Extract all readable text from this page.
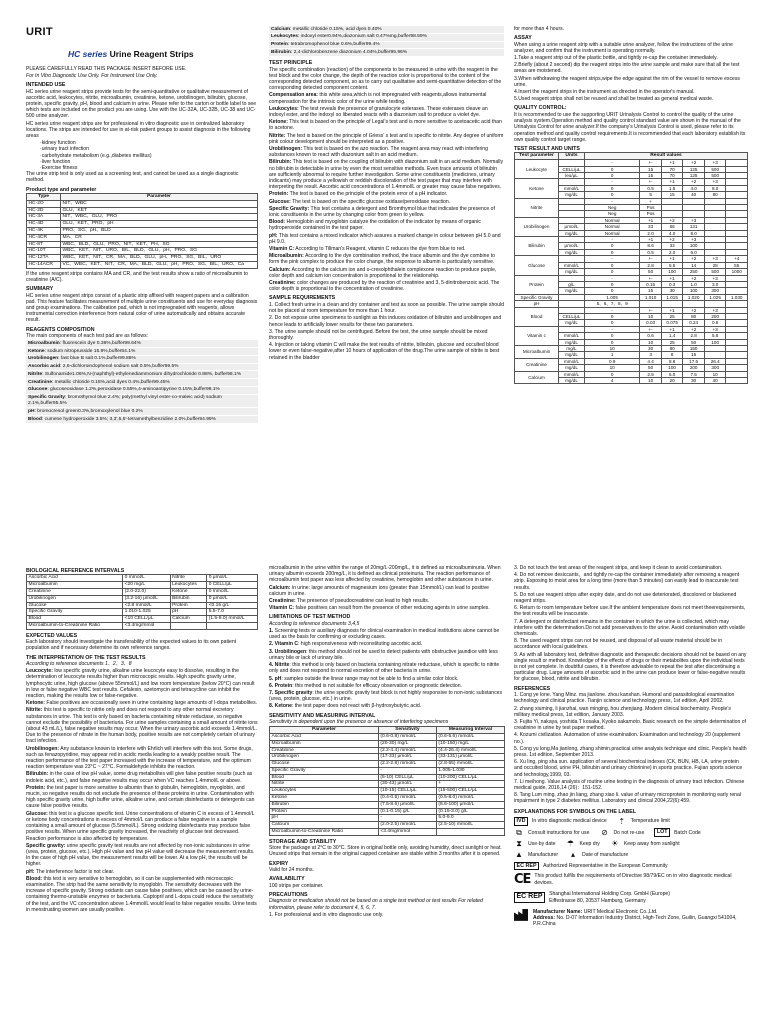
URIT
HC series Urine Reagent Strips

PLEASE CAREFULLY READ THIS PACKAGE INSERT BEFORE USE.

For In Vitro Diagnostic Use Only. For Instrument Use Only.

INTENDED USE

HC series urine reagent strips provide tests for the semi-quantitative or qualitative measurement of ascorbic acid, leukocytes, nitrite, microalbumin, creatinine, ketone, urobilinogen, bilirubin, glucose, protein, specific gravity, pH, blood and calcium in urine. Please refer to the carton or bottle label to see which tests are included on the product you are using. Use with the UC-32A, UC-32B, UC-38 and UC-500 urine analyzer.

HC series urine reagent strips are for professional in vitro diagnostic use in centralized laboratory locations. The strips are intended for use in at-risk patient groups to assist diagnosis in the following areas

·kidney function
·urinary tract infection
·carbohydrate metabolism (e.g.,diabetes mellitus)
·liver function
·Exercise fitness

The urine strip test is only used as a screening test, and cannot be used as a single diagnostic method.

Product type and parameter
Type	Parameter
HC-2O	NIT、WBC
HC-2D	GLU、KET
HC-3A	NIT、WBC、GLU、PRO
HC-4D	GLU、KET、PRO、pH
HC-4K	PRO、SG、pH、BLD
HC-4CR	MA、CR
HC-8T	WBC、BLD、GLU、PRO、NIT、KET、PH、SG
HC-10T	WBC、KET、NIT、URO、BIL、BLD、GLU、pH、PRO、SG
HC-12TA	WBC、KET、NIT、CR、MA、BLD、GLU、pH、PRO、SG、BIL、URO
HC-14ACR	VC、WBC、KET、NIT、CR、MA、BLD、GLU、pH、PRO、SG、BIL、URO、Ca

If the urine reagent strips contains MA and CR, and the test results show a ratio of microalbumin to creatinine (A/C).

SUMMARY

HC series urine reagent strips consist of a plastic strip affixed with reagent papers and a calibration pad. This feature facilitates measurement of multiple urine constituents and use for everyday diagnosis and group examinations. The calibration pad, which is not impregnated with reagents, allows instrumental correction interference from natural color of urine automatically and obtains accurate result.

REAGENTS COMPOSITION

The main components of each test pad are as follows:

Microalbumin: fluorescein dye 0.36%,buffer99.64%
Ketone: sodium nitroprusside 15.9%,buffer54.1%
Urobilinogen: fast blue B salt 0.1%,buffer99.88%
Ascorbic acid: 2,6-dichloroindophenol sodium salt 0.5%,buffer99.5%
Nitrite: Sulfonamide1.06%,N-(naphthyl)-ethylenediammonium dihydrochloride 0.88%, buffer98.1%
Creatinine: metallic chloride 0.15%,acid dyes 0.4%,buffer99.45%
Glucose: glucoseoxidase 1.2%,peroxidase 0.55%,4-aminoantipyrine 0.15%,buffer98.1%
Specific Gravity: bromothymol blue 2.4%; poly(methyl vinyl ester-co-maleic acid) sodium 2.1%,buffer95.5%
pH: bromocresol green0.3%,bromoxylenol blue 0.2%
Blood: cumene hydroperoxide 3.5%; 3,3',5,5'-tetramethylbenzidine 2.0%,buffer94.99%
Calcium: metallic chloride 0.15%, acid dyes 0.40%
Leukocytes: indoxyl ester0.94%,diazonium salt 0.47%mg,buffer98.59%
Protein: tetrabromophenol blue 0.6%,buffer99.4%
Bilirubin: 2,4-dichlorobenzene diazonium 4.04%,buffer95.96%
TEST PRINCIPLE

The specific combination (reaction) of the components to be measured in urine with the reagent in the test block and the color change, the depth of the reaction color is proportional to the content of the corresponding detected component, so as to carry out qualitative and semi-quantitative detection of the corresponding detected component content.

Compensation area: this white area,which is not impregnated with reagents,allows instrumental compensation for the intrinsic color of the urine while testing.

Leukocytes: The test reveals the presence of granulocyte esterases. These esterases cleave an indoxyl ester, and the indoxyl so liberated reacts with a diazonium salt to produce a violet dye.

Ketone: This test is based on the principle of Legal’s test and is more sensitive to acetoacetic acid than to acetone.

Nitrite: The test is based on the principle of Griess’ s test and is specific to nitrite. Any degree of uniform pink colour development should be interpreted as a positive.

Urobilinogen: This test is based on the azo reaction. The reagent area may react with interfering substances known to react with diazonium salt in an acid medium.

Bilirubin: This test is based on the coupling of bilirubin with diazonium salt in an acid medium. Normally no bilirubin is detectable in urine by even the most sensitive methods. Even trace amounts of bilirubin are sufficiently abnormal to require further investigation. Some urine constituents (medicines, urinary indicants) may produce a yellowish or reddish discoloration of the test paper that may interfere with interpreting the result. Ascorbic acid concentrations of 1.4mmol/L or greater may cause false negatives.

Protein: The test is based on the principle of the protein error of a pH indicator.

Glucose: The test is based on the specific glucose oxidase/peroxidase reaction.

Specific Gravity: This test contains a detergent and Bromthymol blue that indicates the presence of ionic constituents in the urine by changing color from green to yellow.

Blood: Hemoglobin and myoglobin catalyze the oxidation of the indicator by means of organic hydroperoxide contained in the test paper.

pH: This test contains a mixed indicator which assures a marked change in colour between pH 5.0 and pH 9.0.

Vitamin C: According to Tillman's Reagent, vitamin C reduces the dye from blue to red.

Microalbumin: According to the dye combination method, the trace albumin and the dye combine to form the pink complex to produce the color change, the response to albumin is particularly sensitive.

Calcium: According to the calcium ion and o-cresolphthalein complexone reaction to produce purple, color depth and calcium ion concentration is proportional to the relationship.

Creatinine: color changes are produced by the reaction of creatinine and 3, 5-dinitrobenzoic acid. The color depth is proportional to the concentration of creatinine.

SAMPLE REQUIREMENTS

1. Collect fresh urine in a clean and dry container and test as soon as possible. The urine sample should not be placed at room temperature for more than 1 hour.

2. Do not expose urine specimens to sunlight as this induces oxidation of bilirubin and urobilinogen and hence leads to artificially lower results for these two parameters.

3. The urine sample should not be centrifuged. Before the test, the urine sample should be mixed thoroughly.

4. Injection or taking vitamin C will make the test results of nitrite, bilirubin, glucose and occulted blood lower or even false-negative,after 10 hours of application of the drug.The urine sample of nitrite is best retained in the bladder

for more than 4 hours.

ASSAY

When using a urine reagent strip with a suitable urine analyzer, follow the instructions of the urine analyzer, and confirm that the instrument is operating normally.

1.Take a reagent strip out of the plastic bottle, and tightly re-cap the container immediately.

2.Briefly (about 2 second) dip the reagent strips into the urine sample and make sure that all the test areas are moistened.

3.When withdrawing the reagent strips,wipe the edge against the rim of the vessel to remove excess urine.

4.Insert the reagent strips in the instrument as directed in the operator's manual.

5.Used reagent strips shall not be reused and shall be treated as general medical waste.

QUALITY CONTROL:

It is recommended to use the supporting URIT Urinalysis Control to control the quality of the urine analysis system.Operation method and quality control standard value are shown in the manual of the Urinalysis Control for urine analyzer.If the company's Urinalysis Control is used, please refer to its operation method and quality control requirements.It is recommended that each laboratory establish its own quality control target range.

TEST RESULT AND UNITS
Test parameter	Units	Result values					
Leukocyte		-	+-	+1	+2	+3	
	CELL/μL	0	15	70	125	500	
	leu/μL	0	15	70	125	500	
Ketone		-	+-	+1	+2	+3	
	mmol/L	0	0.5	1.5	4.0	8.0	
	mg/dL	0	5	15	40	80	
Nitrite		-	+				
		Neg	Pos				
		Neg	Pos				
Urobilinogen		Normal	+1	+2	+3		
	μmol/L	Normal	33	66	131		
	mg/dL	Normal	2.0	4.0	8.0		
Bilirubin		-	+1	+2	+3		
	μmol/L	0	8.6	33	100		
	mg/dL	0	0.5	2.0	6.0		
Glucose		-	+-	+1	+2	+3	+4
	mmol/L	0	2.8	5.5	14	28	55
	mg/dL	0	50	100	250	500	1000
Protein		-	+-	+1	+2	+3	
	g/L	0	0.15	0.3	1.0	3.0	
	mg/dL	0	15	30	100	300	
Specific Gravity		1.005	1.010	1.015	1.020	1.025	1.030
pH		5、6、7、8、9					
Blood		-	+-	+1	+2	+3	
	CELL/μL	0	10	25	80	200	
	mg/dL	0	0.03	0.075	0.24	0.6	
Vitamin c		-	+-	+1	+2	+3	
	mmol/L	0	0.6	1.4	2.8	5.6	
	mg/dL	0	10	25	50	100	
Microalbumin	mg/L	10	30	80	150		
	mg/dL	1	3	8	15		
Creatinine	mmol/L	0.9	4.4	8.8	17.6	26.4	
	mg/dL	10	50	100	200	300	
Calcium	mmol/L	0	2.5	5.0	7.5	10	
	mg/dL	4	10	20	30	40	
BIOLOGICAL REFERENCE INTERVALS
Ascorbic Acid	0 mmol/L	Nitrite	0 μmol/L
Microalbumin	<20 mg/L	Leukocytes	0 CELL/μL
Creatinine	(2.0-22.0)	Ketone	0 mmol/L
Urobilinogen	(3.2-16) μmol/L	Bilirubin	0 μmol/L
Glucose	<2.8 mmol/L	Protein	<0.15 g/L
Specific Gravity	1.010-1.025	pH	5.5-7.0
Blood	<10 CELL/μL	Calcium	(1.5-9.0) mmol/L
Microalbumin-to-Creatinine Ratio	<3.4mg/mmol		
EXPECTED VALUES

Each laboratory should investigate the transferability of the expected values to its own patient population and if necessary determine its own reference ranges.

THE INTERPRETATION OF THE TEST RESULTS

According to reference documents 1、2、3、8

Leucocyte: low specific gravity urine, alkaline urine leucocyte easy to dissolve, resulting in the determination of leucocyte results higher than microscopic results. High specific gravity urine, lymphocytic urine, high glucose (above 55mmol/L) and low room temperature (below 20°C) can result in low or false negative WBC test results. Cefalexin, azetomycin and tetracycline can inhibit the reaction, making the results low or false-negative.

Ketone: False positives are occasionally seen in urine containing large amounts of l-dopa metabolites.

Nitrite: this test is specific to nitrite only and does not respond to any other normal excretory substances in urine. This test is only based on bacteria containing nitrate reductase, so negative cannot exclude the possibility of bacteriuria. For urine samples containing a small amount of nitrite ions (about 43 mL/L), false negative results may occur. When the urinary ascorbic acid exceeds 1.4mmol/L. Due to the presence of nitrate in the human body, positive results are not completely certain of urinary tract infection.

Urobilinogen: Any substance known to interfere with Ehrlich will interfere with this test. Some drugs, such as fenazopyridine, may appear red in acidic media leading to a weakly positive result. The reaction performance of the test paper increased with the increase of temperature, and the optimum reaction temperature was 23°C ~ 27°C. Formaldehyde inhibits the reaction.

Bilirubin: in the case of low pH value, some drug metabolites will give false positive results (such as indoleic acid, etc.), and false negative results may occur when VC reaches 1.4mmol/L or above.

Protein: the test paper is more sensitive to albumin than to globulin, hemoglobin, myoglobin, and mucin, so negative results do not exclude the presence of these proteins in urine. Contamination with high specific gravity urine, high buffer urine, alkaline urine, and certain disinfectants or detergents can cause false positive results.

Glucose: this test is a glucose specific test. Urine concentrations of vitamin C in excess of 1.4mmol/L or ketone body concentrations in excess of 4mmol/L can produce a false negative in a sample containing a small amount of glucose (5.5mmol/L). Strong oxidizing disinfectants may produce false positive results. When urine specific gravity increased, the reactivity of glucose test decreased. Reaction performance is also affected by temperature.

Specific gravity: urine specific gravity test results are not affected by non-ionic substances in urine (urea, protein, glucose, etc.). High pH value and low pH value will decrease the measurement results. In the case of high pH value, the measurement results will be lower. At a low pH, the results will be higher.

pH: The interference factor is not clear.

Blood: this test is very sensitive to hemoglobin, so it can be supplemented with microscopic examination. The strip had the same sensitivity to myoglobin. The sensitivity decreases with the increase of specific gravity. Strong oxidants can cause false positives, which can be caused by urine-containing thermo-unstable enzymes or bacteriuria. Captopril and L-dopa could reduce the sensitivity of the test, and the VC concentration above 1.4mmol/L would lead to false negative results. Urine tests in menstruating women are usually positive.

microalbumin in the urine within the range of 20mg/L-200mg/L, it is defined as microalbuminuria. When urinary albumin exceeds 200mg/L, it is defined as clinical proteinuria. The reaction performance of microalbumin test paper was less affected by creatinine, hemoglobin and other substances in urine.

Calcium: in urine: large amounts of magnesium ions (greater than 15mmol/L) can lead to positive calcium in urine.

Creatinine: The presence of pseudocreatinine can lead to high results.

Vitamin C: false positives can result from the presence of other reducing agents in urine samples.

LIMITATIONS OF TEST METHOD

According to reference documents 3,4,5

1. Screening tests or auxiliary diagnosis for clinical examination in medical institutions alone cannot be used as the basis for confirming or excluding cases.

2. Vitamin C: high responsiveness with reconstituting ascorbic acid.

3. Urobilinogen: this method should not be used to detect patients with obstructive jaundice with less urinary bile or lack of urinary bile.

4. Nitrite: this method is only based on bacteria containing nitrate reductase, which is specific to nitrite only and does not respond to normal excretion of other bacteria in urine.

5. pH: samples outside the linear range may not be able to find a similar color block.

6. Protein: this method is not suitable for efficacy observation or prognostic detection.

7. Specific gravity: the urine specific gravity test block is not highly responsive to non-ionic substances (urea, protein, glucose, etc.) in urine.

8. Ketone: the test paper does not react with β-hydroxybutyric acid.

SENSITIVITY AND MEASURING INTERVAL

Sensitivity is dependent upon the presence or absence of interfering specimens

Parameter	Sensitivity	Measuring Interval
Ascorbic Acid	(0.6-0.8) mmol/L	(0.6-5.6) mmol/L
Microalbumin	(20-30) mg/L	(10-150) mg/L
Creatinine	(2.2-4.4) mmol/L	(4.4-26.4) mmol/L
Urobilinogen	(17-33) μmol/L	(33-131) μmol/L
Glucose	(2.2-2.8) mmol/L	(2.8-55) mmol/L
Specific Gravity	-	1.005-1.030
Blood	(5-10) CELL/μL	(10-200) CELL/μL
Nitrite	(30-43) μmol/L	+
Leukocytes	(10-15) CELL/μL	(15-500) CELL/μL
Ketone	(0.4-0.5) mmol/L	(0.5-8.0) mmol/L
Bilirubin	(7.5-8.6) μmol/L	(8.6-100) μmol/L
Protein	(0.1-0.15) g/L	(0.15-3.0) g/L
pH	-	5.0-9.0
Calcium	(2.0-2.5) mmol/L	(2.5-10) mmol/L
Microalbumin-to-Creatinine Ratio	<3.4mg/mmol	
STORAGE AND STABILITY

Store the package at 2°C to 30°C. Store in original bottle only, avoiding humidity, direct sunlight or heat. Unused strips that remain in the original capped container are stable within 3 months after it is opened.

EXPIRY

Valid for 24 months.

AVAILABILITY

100 strips per container.

PRECAUTIONS

Diagnosis or medication should not be based on a single test method or test results For related information, please refer to document 4, 5, 6, 7.

1. For professional and in vitro diagnostic use only.

3. Do not touch the test areas of the reagent strips, and keep it clean to avoid contamination.

4. Do not remove desiccants，and tightly re-cap the container immediately after removing a reagent strip. Exposing to moist area for a long time (more than 5 minutes) can easily lead to inaccurate test results.

5. Do not use reagent strips after expiry date, and do not use deteriorated, discolored or blackened reagent strips.

6. Return to room temperature before use.If the ambient temperature does not meet theerequirements, the test results will be inaccurate.

7. A detergent or disinfectant remains in the container in which the urine is collected, which may interfere with the determination.Do not add preservatives to the urine. Avoid contamination with volatile chemicals.

8. The used reagent strips can not be reused, and disposal of all waste material should be in accordance with local guidelines.

9. As with all laboratory test, definitive diagnostic and therapeutic decisions should not be based on any single result or method. Knowledge of the effects of drugs or their metabolites upon the individual tests is not yet complete. In doubtful cases, it is therefore advisable to repeat the test after discontinuing a particular drug. Large amounts of ascorbic acid in the urine can produce lower or false-negative results for glucose, blood, nitrite and bilirubin.

REFERENCES

1. Cong ye lone. Yang Minz. ma jianlone. zhou kanshan. Humoral and parasitological examination technology and clinical practice. Tianjin science and technology press, 1st edition, April 2002.

2. zhang xiuming, li jianzhai, wan minging, hou zhenjiang. Modern clinical biochemistry. People's military medical press, 1st edition, January 2003.

3. Fujita Yi, nakaya, yoshida T kosaka, Kyoko sakamoto. Basic research on the simple determination of creatinine in urine by test paper method.

4. Kozumi civilization. Automation of urine examination. Examination and technology 20 (supplement no.).

5. Cong yu long,Ma jianlong, zhang shimin.practical urine analysis technique and clinic. People's health press. 1st edition, September 2013.

6. Xu ling, ping sha xun. application of several biochemical indexes (CK, BUN, HB, LA, urine protein and occulted blood, urine PH, bilirubin and urinary chlorinine) in sports practice. Fujian sports science and technology,1999, 03.

7. Li meihong. Value analysis of routine urine testing in the diagnosis of urinary tract infection. Chinese medical guide, 2016,14 (26)：151-152.

8. Tang Lum ming, zhao jin liang, zhang xiao li. value of urinary microprotein in monitoring early renal impairment in type 2 diabetes mellitus. Laboratory and clinical 2004,22(6):459.

EXPLANATIONS FOR SYMBOLS ON THE LABEL
IVD	In vitro diagnostic medical device ⇡	Temperature limit
⧉	Consult instructions for use ⊘	Do not re-use	LOT	Batch Code
⧗	Use-by date ☂ Keep dry ☀ Keep away from sunlight
▲ Manufacturer	▴	Date of manufacture
EC REP	Authorized Representative in the European Community
CE This product fulfils the requirements of Directive 98/79/EC on in vitro diagnostic medical devices.
EC REP	Shanghai International Holding Corp. GmbH (Europe)
Eiffestrasse 80, 20537 Hamburg, Germany
Manufacturer Name: URIT Medical Electronic Co.,Ltd.
Address: No. D-07 Information Industry District, High-Tech Zone, Guilin, Guangxi 541004, P.R.China
